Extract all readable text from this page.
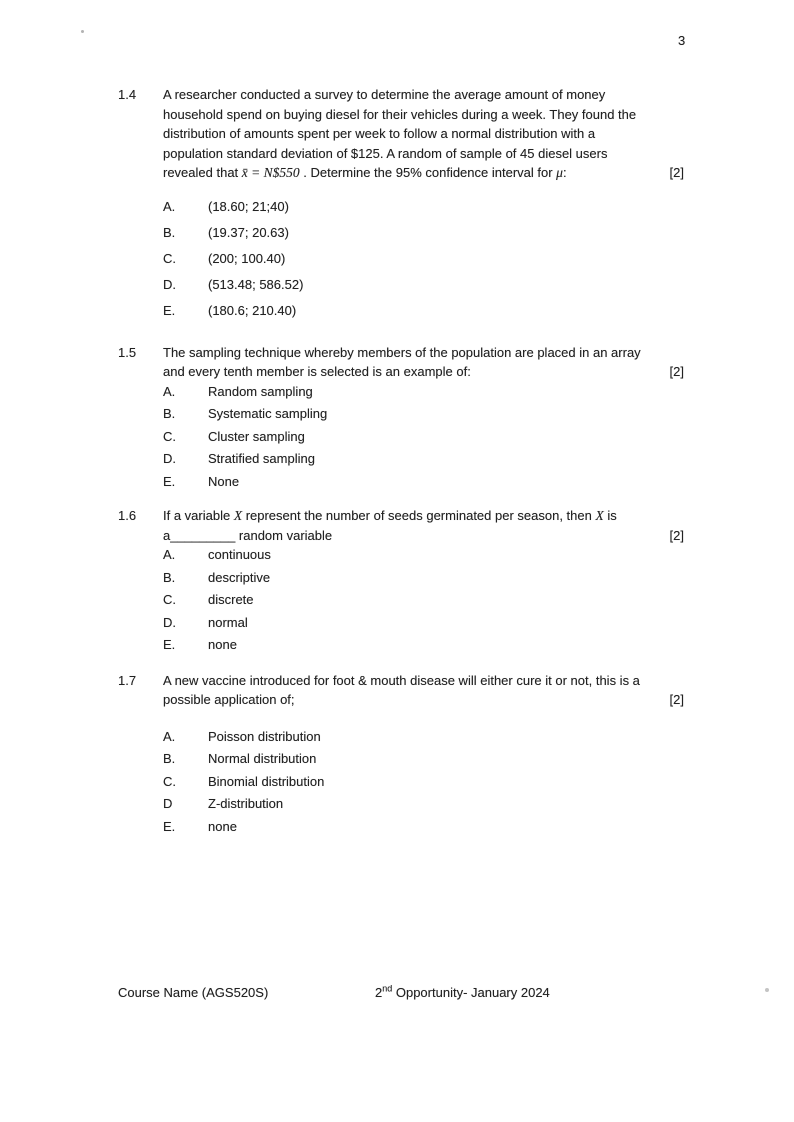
3
1.4	A researcher conducted a survey to determine the average amount of money
household spend on buying diesel for their vehicles during a week. They found the
distribution of amounts spent per week to follow a normal distribution with a
population standard deviation of $125. A random of sample of 45 diesel users
revealed that x̄ = N$550 . Determine the 95% confidence interval for μ :	[2]
A.	(18.60; 21;40)
B.	(19.37; 20.63)
C.	(200; 100.40)
D.	(513.48; 586.52)
E.	(180.6; 210.40)
1.5	The sampling technique whereby members of the population are placed in an array
and every tenth member is selected is an example of:	[2]
A.	Random sampling
B.	Systematic sampling
C.	Cluster sampling
D.	Stratified sampling
E.	None
1.6	If a variable X represent the number of seeds germinated per season, then X is
a_________ random variable	[2]
A.	continuous
B.	descriptive
C.	discrete
D.	normal
E.	none
1.7	A new vaccine introduced for foot & mouth disease will either cure it or not, this is a
possible application of;	[2]
A.	Poisson distribution
B.	Normal distribution
C.	Binomial distribution
D	Z-distribution
E.	none
Course Name (AGS520S)	2nd Opportunity- January 2024
